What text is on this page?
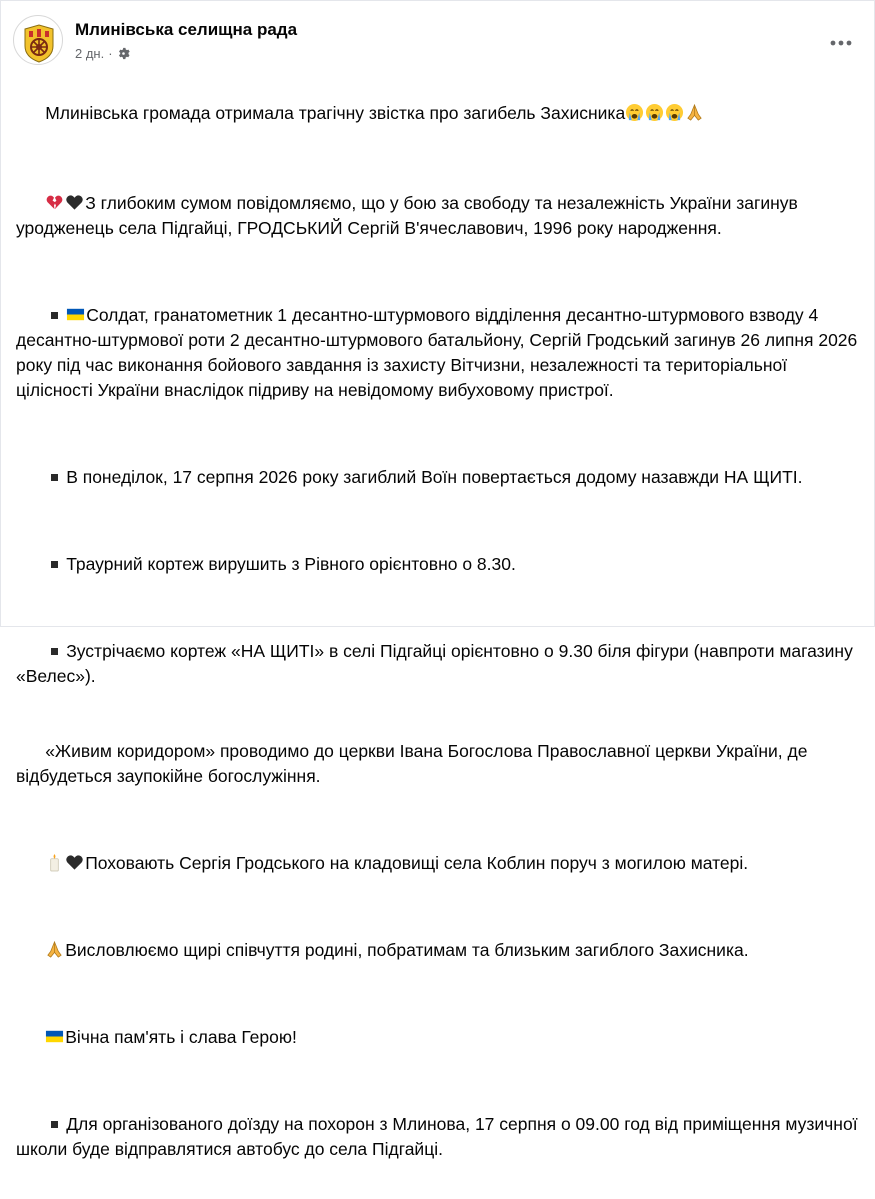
Млинівська селищна рада
2 дн. ·

Млинівська громада отримала трагічну звістка про загибель Захисника

З глибоким сумом повідомляємо, що у бою за свободу та незалежність України загинув уродженець села Підгайці, ГРОДСЬКИЙ Сергій В'ячеславович, 1996 року народження.

Солдат, гранатометник 1 десантно-штурмового відділення десантно-штурмового взводу 4 десантно-штурмової роти 2 десантно-штурмового батальйону, Сергій Гродський загинув 26 липня 2026 року під час виконання бойового завдання із захисту Вітчизни, незалежності та територіальної цілісності України внаслідок підриву на невідомому вибуховому пристрої.

В понеділок, 17 серпня 2026 року загиблий Воїн повертається додому назавжди НА ЩИТІ.

Траурний кортеж вирушить з Рівного орієнтовно о 8.30.

Зустрічаємо кортеж «НА ЩИТІ» в селі Підгайці орієнтовно о 9.30 біля фігури (навпроти магазину «Велес»).

«Живим коридором» проводимо до церкви Івана Богослова Православної церкви України, де відбудеться заупокійне богослужіння.

Поховають Сергія Гродського на кладовищі села Коблин поруч з могилою матері.

Висловлюємо щирі співчуття родині, побратимам та близьким загиблого Захисника.

Вічна пам'ять і слава Герою!

Для організованого доїзду на похорон з Млинова, 17 серпня о 09.00 год від приміщення музичної школи буде відправлятися автобус до села Підгайці.
